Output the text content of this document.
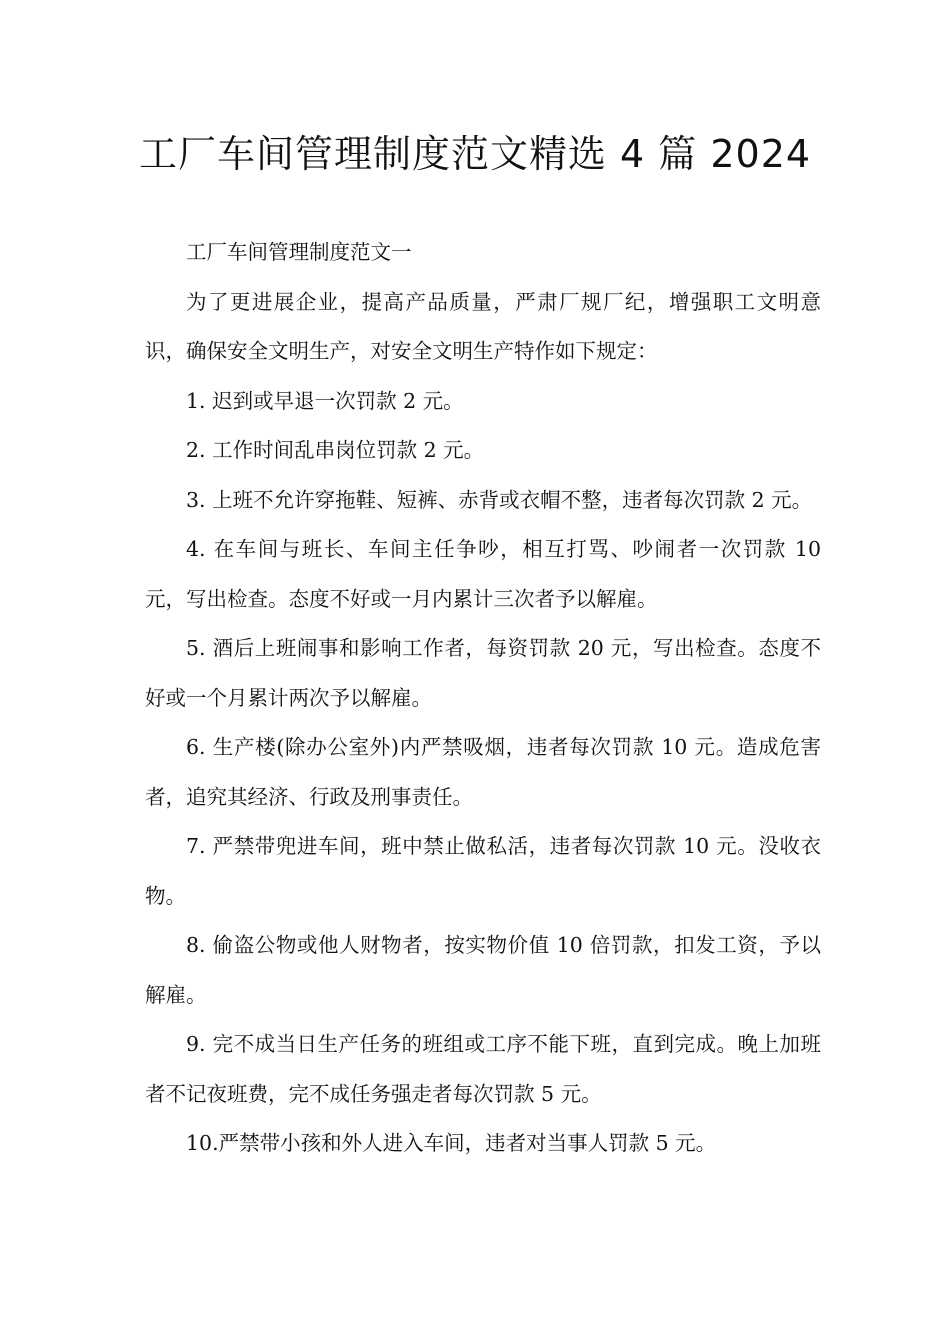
工厂车间管理制度范文精选 4 篇 2024

工厂车间管理制度范文一

为了更进展企业，提高产品质量，严肃厂规厂纪，增强职工文明意识，确保安全文明生产，对安全文明生产特作如下规定：

1. 迟到或早退一次罚款 2 元。

2. 工作时间乱串岗位罚款 2 元。

3. 上班不允许穿拖鞋、短裤、赤背或衣帽不整，违者每次罚款 2 元。

4. 在车间与班长、车间主任争吵，相互打骂、吵闹者一次罚款 10 元，写出检查。态度不好或一月内累计三次者予以解雇。

5. 酒后上班闹事和影响工作者，每资罚款 20 元，写出检查。态度不好或一个月累计两次予以解雇。

6. 生产楼(除办公室外)内严禁吸烟，违者每次罚款 10 元。造成危害者，追究其经济、行政及刑事责任。

7. 严禁带兜进车间，班中禁止做私活，违者每次罚款 10 元。没收衣物。

8. 偷盗公物或他人财物者，按实物价值 10 倍罚款，扣发工资，予以解雇。

9. 完不成当日生产任务的班组或工序不能下班，直到完成。晚上加班者不记夜班费，完不成任务强走者每次罚款 5 元。

10.严禁带小孩和外人进入车间，违者对当事人罚款 5 元。
